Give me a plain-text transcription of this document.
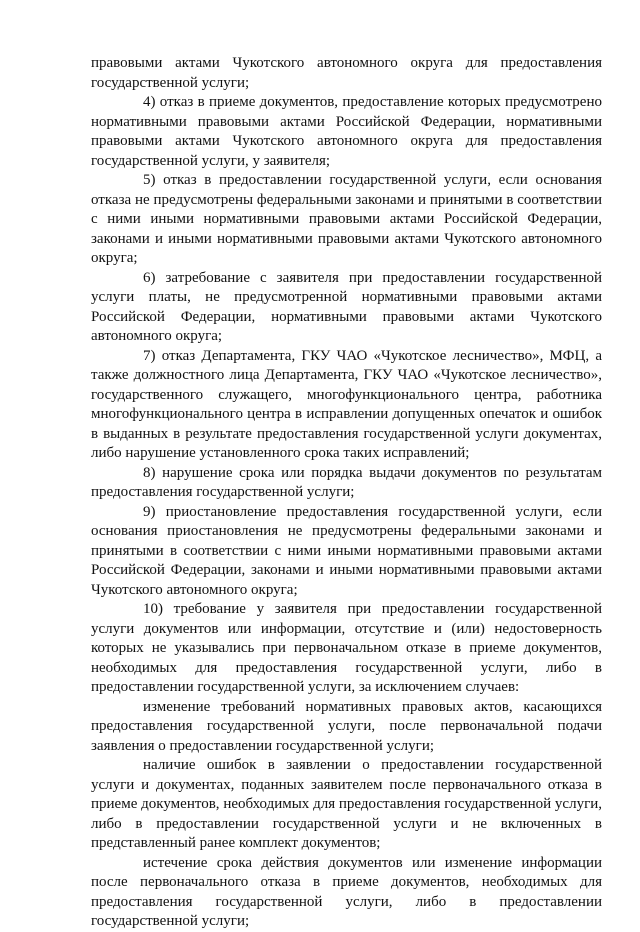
правовыми актами Чукотского автономного округа для предоставления государственной услуги;

4) отказ в приеме документов, предоставление которых предусмотрено нормативными правовыми актами Российской Федерации, нормативными правовыми актами Чукотского автономного округа для предоставления государственной услуги, у заявителя;

5) отказ в предоставлении государственной услуги, если основания отказа не предусмотрены федеральными законами и принятыми в соответствии с ними иными нормативными правовыми актами Российской Федерации, законами и иными нормативными правовыми актами Чукотского автономного округа;

6) затребование с заявителя при предоставлении государственной услуги платы, не предусмотренной нормативными правовыми актами Российской Федерации, нормативными правовыми актами Чукотского автономного округа;

7) отказ Департамента, ГКУ ЧАО «Чукотское лесничество», МФЦ, а также должностного лица Департамента, ГКУ ЧАО «Чукотское лесничество», государственного служащего, многофункционального центра, работника многофункционального центра в исправлении допущенных опечаток и ошибок в выданных в результате предоставления государственной услуги документах, либо нарушение установленного срока таких исправлений;

8) нарушение срока или порядка выдачи документов по результатам предоставления государственной услуги;

9) приостановление предоставления государственной услуги, если основания приостановления не предусмотрены федеральными законами и принятыми в соответствии с ними иными нормативными правовыми актами Российской Федерации, законами и иными нормативными правовыми актами Чукотского автономного округа;

10) требование у заявителя при предоставлении государственной услуги документов или информации, отсутствие и (или) недостоверность которых не указывались при первоначальном отказе в приеме документов, необходимых для предоставления государственной услуги, либо в предоставлении государственной услуги, за исключением случаев:

изменение требований нормативных правовых актов, касающихся предоставления государственной услуги, после первоначальной подачи заявления о предоставлении государственной услуги;

наличие ошибок в заявлении о предоставлении государственной услуги и документах, поданных заявителем после первоначального отказа в приеме документов, необходимых для предоставления государственной услуги, либо в предоставлении государственной услуги и не включенных в представленный ранее комплект документов;

истечение срока действия документов или изменение информации после первоначального отказа в приеме документов, необходимых для предоставления государственной услуги, либо в предоставлении государственной услуги;
